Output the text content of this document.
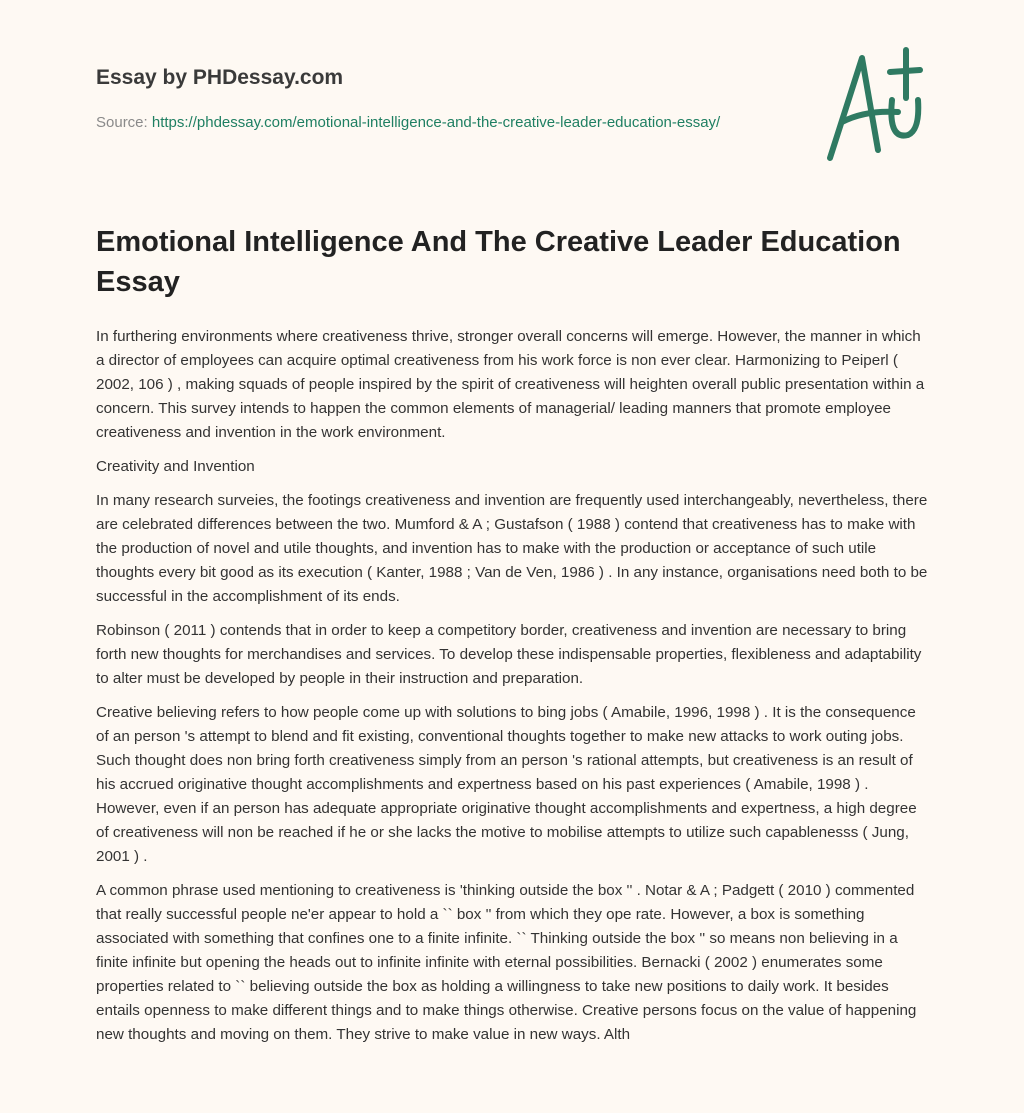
Essay by PHDessay.com
Source: https://phdessay.com/emotional-intelligence-and-the-creative-leader-education-essay/
Emotional Intelligence And The Creative Leader Education Essay

In furthering environments where creativeness thrive, stronger overall concerns will emerge. However, the manner in which a director of employees can acquire optimal creativeness from his work force is non ever clear. Harmonizing to Peiperl ( 2002, 106 ) , making squads of people inspired by the spirit of creativeness will heighten overall public presentation within a concern. This survey intends to happen the common elements of managerial/ leading manners that promote employee creativeness and invention in the work environment.

Creativity and Invention

In many research surveies, the footings creativeness and invention are frequently used interchangeably, nevertheless, there are celebrated differences between the two. Mumford & A ; Gustafson ( 1988 ) contend that creativeness has to make with the production of novel and utile thoughts, and invention has to make with the production or acceptance of such utile thoughts every bit good as its execution ( Kanter, 1988 ; Van de Ven, 1986 ) . In any instance, organisations need both to be successful in the accomplishment of its ends.

Robinson ( 2011 ) contends that in order to keep a competitory border, creativeness and invention are necessary to bring forth new thoughts for merchandises and services. To develop these indispensable properties, flexibleness and adaptability to alter must be developed by people in their instruction and preparation.

Creative believing refers to how people come up with solutions to bing jobs ( Amabile, 1996, 1998 ) . It is the consequence of an person 's attempt to blend and fit existing, conventional thoughts together to make new attacks to work outing jobs. Such thought does non bring forth creativeness simply from an person 's rational attempts, but creativeness is an result of his accrued originative thought accomplishments and expertness based on his past experiences ( Amabile, 1998 ) . However, even if an person has adequate appropriate originative thought accomplishments and expertness, a high degree of creativeness will non be reached if he or she lacks the motive to mobilise attempts to utilize such capablenesss ( Jung, 2001 ) .

A common phrase used mentioning to creativeness is 'thinking outside the box '' . Notar & A ; Padgett ( 2010 ) commented that really successful people ne'er appear to hold a `` box '' from which they ope rate. However, a box is something associated with something that confines one to a finite infinite. `` Thinking outside the box '' so means non believing in a finite infinite but opening the heads out to infinite infinite with eternal possibilities. Bernacki ( 2002 ) enumerates some properties related to `` believing outside the box as holding a willingness to take new positions to daily work. It besides entails openness to make different things and to make things otherwise. Creative persons focus on the value of happening new thoughts and moving on them. They strive to make value in new ways. Alth
